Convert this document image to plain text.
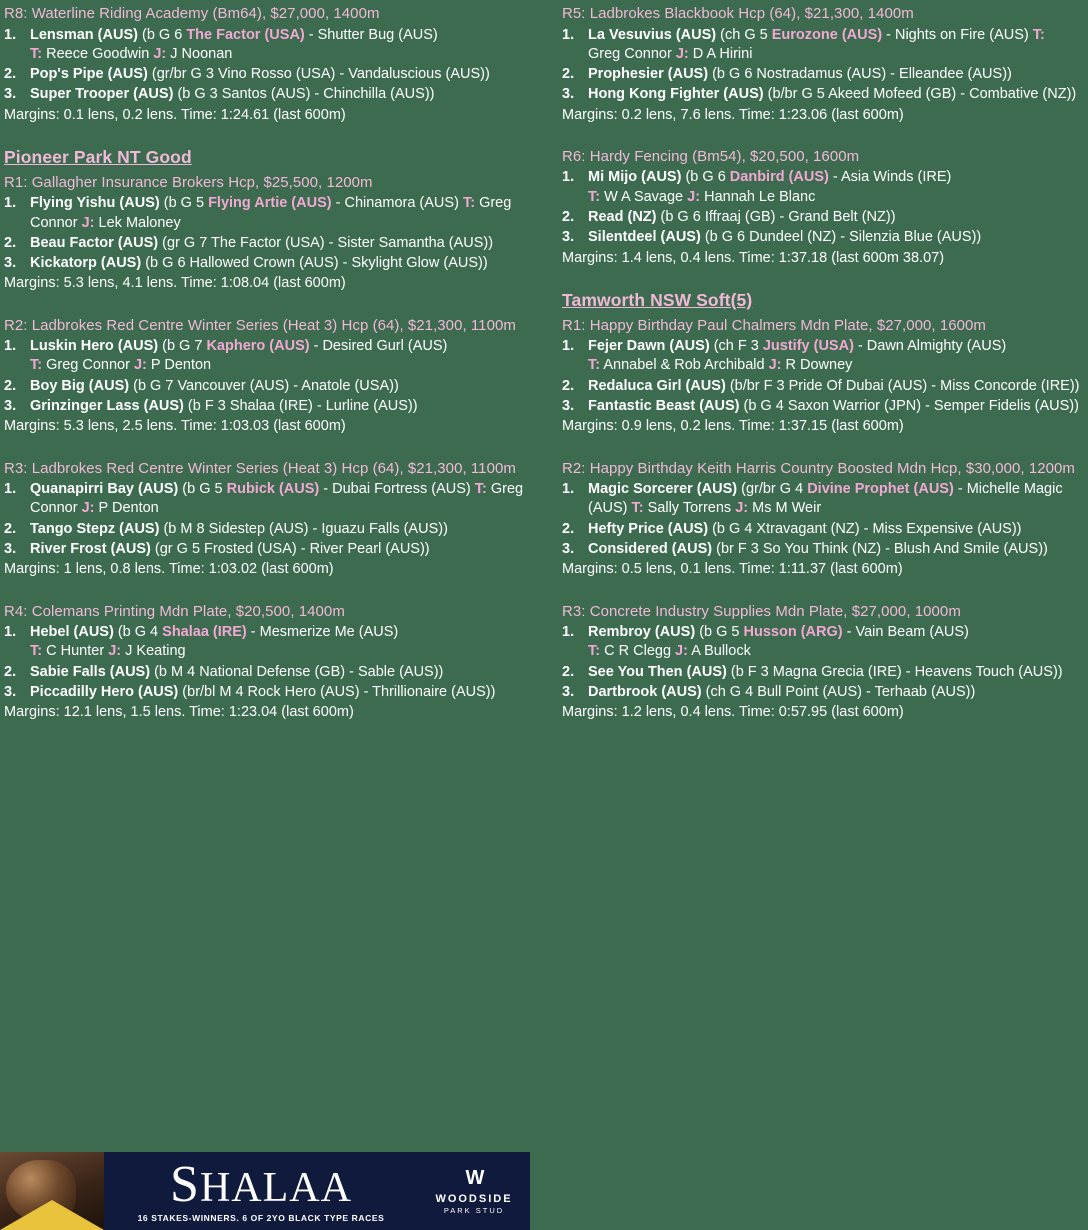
R8: Waterline Riding Academy (Bm64), $27,000, 1400m
1. Lensman (AUS) (b G 6 The Factor (USA) - Shutter Bug (AUS)
T: Reece Goodwin J: J Noonan
2. Pop's Pipe (AUS) (gr/br G 3 Vino Rosso (USA) - Vandaluscious (AUS))
3. Super Trooper (AUS) (b G 3 Santos (AUS) - Chinchilla (AUS))
Margins: 0.1 lens, 0.2 lens. Time: 1:24.61 (last 600m)
Pioneer Park NT Good
R1: Gallagher Insurance Brokers Hcp, $25,500, 1200m
1. Flying Yishu (AUS) (b G 5 Flying Artie (AUS) - Chinamora (AUS) T: Greg Connor J: Lek Maloney
2. Beau Factor (AUS) (gr G 7 The Factor (USA) - Sister Samantha (AUS))
3. Kickatorp (AUS) (b G 6 Hallowed Crown (AUS) - Skylight Glow (AUS))
Margins: 5.3 lens, 4.1 lens. Time: 1:08.04 (last 600m)
R2: Ladbrokes Red Centre Winter Series (Heat 3) Hcp (64), $21,300, 1100m
1. Luskin Hero (AUS) (b G 7 Kaphero (AUS) - Desired Gurl (AUS)
T: Greg Connor J: P Denton
2. Boy Big (AUS) (b G 7 Vancouver (AUS) - Anatole (USA))
3. Grinzinger Lass (AUS) (b F 3 Shalaa (IRE) - Lurline (AUS))
Margins: 5.3 lens, 2.5 lens. Time: 1:03.03 (last 600m)
R3: Ladbrokes Red Centre Winter Series (Heat 3) Hcp (64), $21,300, 1100m
1. Quanapirri Bay (AUS) (b G 5 Rubick (AUS) - Dubai Fortress (AUS) T: Greg Connor J: P Denton
2. Tango Stepz (AUS) (b M 8 Sidestep (AUS) - Iguazu Falls (AUS))
3. River Frost (AUS) (gr G 5 Frosted (USA) - River Pearl (AUS))
Margins: 1 lens, 0.8 lens. Time: 1:03.02 (last 600m)
R4: Colemans Printing Mdn Plate, $20,500, 1400m
1. Hebel (AUS) (b G 4 Shalaa (IRE) - Mesmerize Me (AUS)
T: C Hunter J: J Keating
2. Sabie Falls (AUS) (b M 4 National Defense (GB) - Sable (AUS))
3. Piccadilly Hero (AUS) (br/bl M 4 Rock Hero (AUS) - Thrillionaire (AUS))
Margins: 12.1 lens, 1.5 lens. Time: 1:23.04 (last 600m)
R5: Ladbrokes Blackbook Hcp (64), $21,300, 1400m
1. La Vesuvius (AUS) (ch G 5 Eurozone (AUS) - Nights on Fire (AUS) T: Greg Connor J: D A Hirini
2. Prophesier (AUS) (b G 6 Nostradamus (AUS) - Elleandee (AUS))
3. Hong Kong Fighter (AUS) (b/br G 5 Akeed Mofeed (GB) - Combative (NZ))
Margins: 0.2 lens, 7.6 lens. Time: 1:23.06 (last 600m)
R6: Hardy Fencing (Bm54), $20,500, 1600m
1. Mi Mijo (AUS) (b G 6 Danbird (AUS) - Asia Winds (IRE)
T: W A Savage J: Hannah Le Blanc
2. Read (NZ) (b G 6 Iffraaj (GB) - Grand Belt (NZ))
3. Silentdeel (AUS) (b G 6 Dundeel (NZ) - Silenzia Blue (AUS))
Margins: 1.4 lens, 0.4 lens. Time: 1:37.18 (last 600m 38.07)
Tamworth NSW Soft(5)
R1: Happy Birthday Paul Chalmers Mdn Plate, $27,000, 1600m
1. Fejer Dawn (AUS) (ch F 3 Justify (USA) - Dawn Almighty (AUS)
T: Annabel & Rob Archibald J: R Downey
2. Redaluca Girl (AUS) (b/br F 3 Pride Of Dubai (AUS) - Miss Concorde (IRE))
3. Fantastic Beast (AUS) (b G 4 Saxon Warrior (JPN) - Semper Fidelis (AUS))
Margins: 0.9 lens, 0.2 lens. Time: 1:37.15 (last 600m)
R2: Happy Birthday Keith Harris Country Boosted Mdn Hcp, $30,000, 1200m
1. Magic Sorcerer (AUS) (gr/br G 4 Divine Prophet (AUS) - Michelle Magic (AUS) T: Sally Torrens J: Ms M Weir
2. Hefty Price (AUS) (b G 4 Xtravagant (NZ) - Miss Expensive (AUS))
3. Considered (AUS) (br F 3 So You Think (NZ) - Blush And Smile (AUS))
Margins: 0.5 lens, 0.1 lens. Time: 1:11.37 (last 600m)
R3: Concrete Industry Supplies Mdn Plate, $27,000, 1000m
1. Rembroy (AUS) (b G 5 Husson (ARG) - Vain Beam (AUS)
T: C R Clegg J: A Bullock
2. See You Then (AUS) (b F 3 Magna Grecia (IRE) - Heavens Touch (AUS))
3. Dartbrook (AUS) (ch G 4 Bull Point (AUS) - Terhaab (AUS))
Margins: 1.2 lens, 0.4 lens. Time: 0:57.95 (last 600m)
SHALAA
16 STAKES-WINNERS. 6 OF 2YO BLACK TYPE RACES
W
WOODSIDE
PARK STUD
